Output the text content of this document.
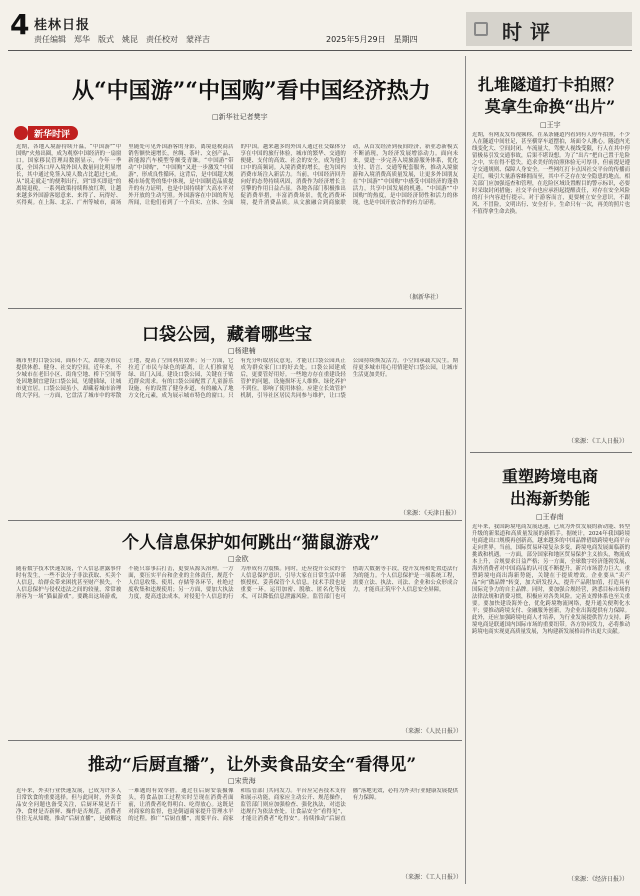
4 桂林日报
责任编辑　郑华　版式　姚昆　责任校对　蒙祥吉	2025年5月29日　星期四	时评
从“中国游”“中国购”看中国经济热力
□新华社记者樊宇
新华时评
近期，各地入境游持续升温，“中国游”“中国购”火热出圈，成为观察中国经济的一扇窗口。国家移民管理局数据显示，今年一季度，全国各口岸入境外国人数量同比明显增长，其中通过免签入境人数占比超过七成。从“说走就走”的便利出行，到“即买即退”的离境退税，一系列政策持续释放红利，让越来越多外国游客愿意来、来得了、玩得好、买得爽。在上海、北京、广州等城市，商场里随处可见外国游客的身影，离境退税商店销售额快速增长，丝绸、茶叶、文创产品、新能源汽车模型等颇受青睐。“中国游”带动“中国购”，“中国购”又进一步激发“中国游”，形成良性循环。这背后，是中国超大规模市场优势的集中体现，是中国制造品质提升的有力证明，也是中国持续扩大高水平对外开放的生动写照。外国游客在中国的所见所闻，让他们看到了一个真实、立体、全面的中国。越来越多的外国人通过社交媒体分享在中国的旅行体验，城市的繁华、交通的便捷、支付的高效、社会的安全，成为他们口中的高频词。入境消费的增长，也为国内消费市场注入新活力。当前，中国经济回升向好的态势持续巩固，消费作为经济增长主引擎的作用日益凸显。各地各部门积极推出促消费举措，丰富消费场景，优化消费环境，提升消费品质。从文旅融合到商旅联动，从首发经济到夜间经济，新业态新模式不断涌现，为经济发展增添动力。面向未来，要进一步完善入境旅游服务体系，优化支付、语言、交通等配套服务，推动入境旅游和入境消费高质量发展，让更多外国朋友在“中国游”“中国购”中感受中国经济的蓬勃活力，共享中国发展的机遇。“中国游”“中国购”的热度，是中国经济韧性和活力的体现，也是中国开放合作的有力证明。
（据新华社）
口袋公园，藏着哪些宝
□杨建楠
城市里的口袋公园，面积不大，却能为市民提供休憩、健身、社交的空间。近年来，不少城市在老旧小区、街角空地、桥下空间等处因地制宜建设口袋公园，见缝插绿，让城市更宜居。口袋公园虽小，却藏着城市治理的大学问。一方面，它盘活了城市中的零散土地，提高了空间利用效率；另一方面，它拉近了市民与绿色的距离，让人们推窗见绿、出门入园。建设口袋公园，关键在于贴近群众需求。有的口袋公园配置了儿童游乐设施，有的设置了健身步道，有的融入了地方文化元素，成为展示城市特色的窗口。只有充分听取居民意见，才能让口袋公园真正成为群众家门口的好去处。口袋公园建成后，更要管好用好。一些地方存在重建设轻管护的问题，设施损坏无人维修、绿化养护不到位，影响了使用体验。应建立长效管护机制，引导社区居民共同参与维护，让口袋公园持续焕发活力。小空间承载大民生。期待更多城市用心用情建好口袋公园，让城市生活更加美好。
（来源：《天津日报》）
个人信息保护如何跳出“猫鼠游戏”
□金欧
随着数字技术快速发展，个人信息泄露事件时有发生，一些不法分子非法获取、买卖个人信息，给群众带来困扰甚至财产损失。个人信息保护与侵权违法之间的较量，常常被形容为一场“猫鼠游戏”。要跳出这场游戏，不能只靠事后打击，更要从源头治理。一方面，要压实平台和企业的主体责任，规范个人信息收集、使用、存储等各环节，杜绝过度收集和违规使用；另一方面，要加大执法力度，提高违法成本，对侵犯个人信息的行为形成有力震慑。同时，还应提升公众的个人信息保护意识，引导大家在日常生活中谨慎授权、妥善保管个人信息。技术手段也是重要一环。运用加密、脱敏、匿名化等技术，可以降低信息泄露风险。监管部门也可借助大数据等手段，提升发现和处置违法行为的能力。个人信息保护是一项系统工程，需要立法、执法、司法、企业和公众形成合力，才能真正筑牢个人信息安全屏障。
（来源：《人民日报》）
推动“后厨直播”，让外卖食品安全“看得见”
□宋贵海
近年来，外卖行业快速发展，已成为许多人日常饮食的重要选择。但与此同时，外卖食品安全问题也备受关注，后厨环境是否干净、食材是否新鲜、操作是否规范，消费者往往无从知晓。推动“后厨直播”，是破解这一难题的有效举措。通过在后厨安装摄像头，将食品加工过程实时呈现在消费者面前，让消费者吃得明白、吃得放心。这既是对商家的监督，也是倒逼商家提升管理水平的过程。推广“后厨直播”，需要平台、商家和监管部门共同发力。平台应完善技术支持和展示功能，商家应主动公开、规范操作，监管部门则应加强检查、强化执法，对违法违规行为依法查处。让食品安全“看得见”，才能让消费者“吃得安”。持续推动“后厨直播”落地见效，必将为外卖行业健康发展提供有力保障。
（来源：《工人日报》）
扎堆隧道打卡拍照？
莫拿生命换“出片”
□王宇
近期，有网友发布视频称，在某条隧道内看到有人停车拍照，不少人在隧道中间驻足，甚至横穿车道摆拍，场面令人揪心。隧道内光线变化大、空间封闭、车流量大，驾驶人视线受限，行人在其中停留极易引发交通事故，后果不堪设想。为了“出片”把自己置于危险之中，实在得不偿失。追求美好的拍照体验无可厚非，但前提是遵守交通规则、保障人身安全。一些网红打卡点因社交平台的传播而走红，吸引大量游客蜂拥而至，其中不乏存在安全隐患的地点。相关部门应加强巡查和管理，在危险区域设置醒目的警示标识，必要时采取封闭措施；社交平台也应承担起提醒责任，对存在安全风险的打卡内容进行提示。对于游客而言，更要树立安全意识，不跟风、不冒险，文明出行、安全打卡。生命只有一次，再美的照片也不值得拿生命去换。
（来源：《工人日报》）
重塑跨境电商
出海新势能
□王春南
近年来，我国跨境电商发展迅速，已成为外贸发展的新动能、转型升级的新渠道和高质量发展的新抓手。据统计，2024年我国跨境电商进出口规模再创新高，越来越多的中国品牌借助跨境电商平台走向世界。当前，国际贸易环境复杂多变，跨境电商发展面临新的挑战和机遇。一方面，部分国家和地区贸易保护主义抬头，物流成本上升，合规要求日益严格；另一方面，全球数字经济蓬勃发展，海外消费者对中国商品的认可度不断提升，新兴市场潜力巨大。重塑跨境电商出海新势能，关键在于提质增效。企业要从“卖产品”向“做品牌”转变，加大研发投入，提升产品附加值，打造具有国际竞争力的自主品牌。同时，要加强合规经营，熟悉目标市场的法律法规和消费习惯，积极应对各类风险。完善支撑体系也至关重要。要加快建设海外仓，优化跨境物流网络，提升通关便利化水平；要推动跨境支付、金融服务创新，为企业出海提供有力保障。此外，还应加强跨境电商人才培养，为行业发展提供智力支持。跨境电商是联通国内国际市场的重要纽带。各方协同发力，必将推动跨境电商实现更高质量发展，为构建新发展格局作出更大贡献。
（来源：《经济日报》）
